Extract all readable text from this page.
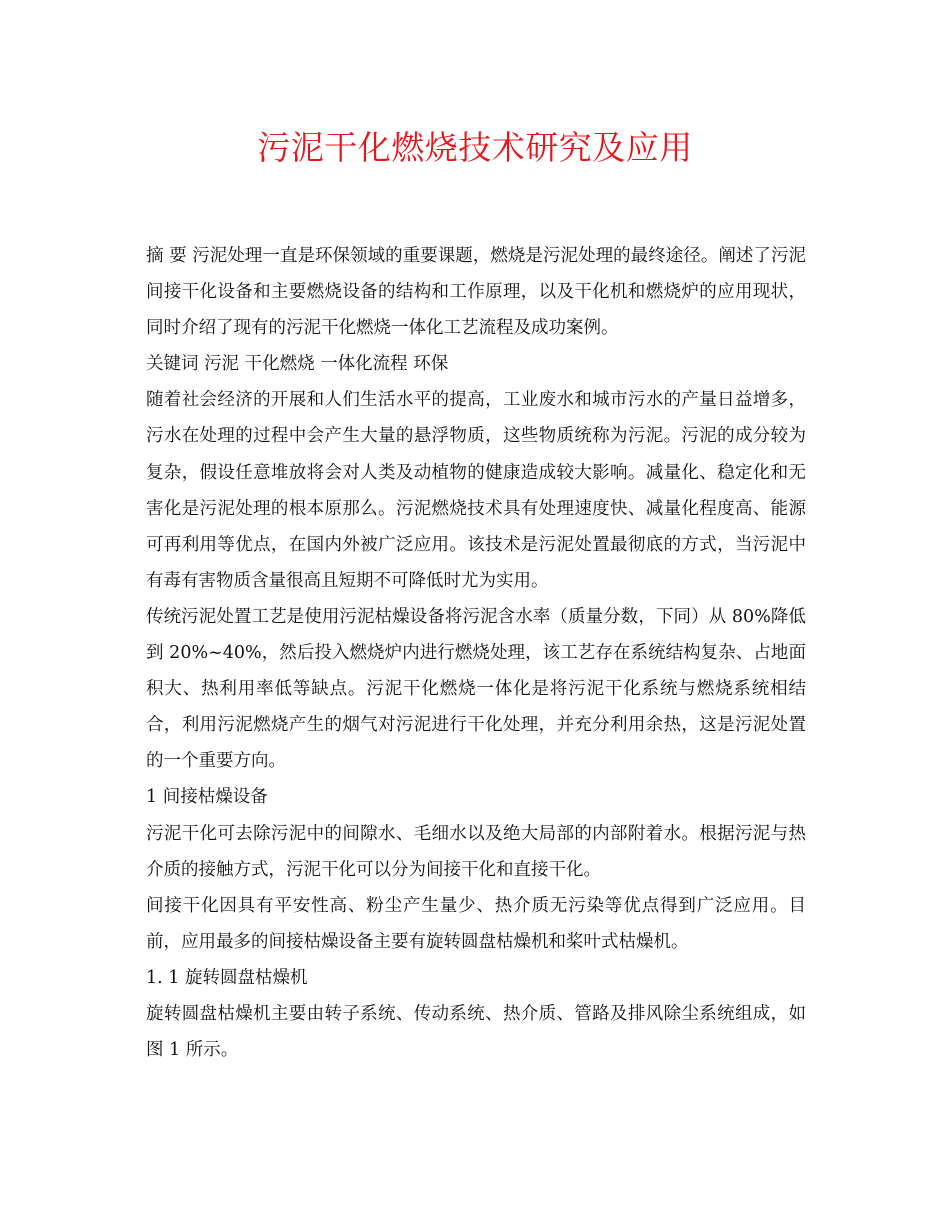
污泥干化燃烧技术研究及应用

摘 要 污泥处理一直是环保领域的重要课题，燃烧是污泥处理的最终途径。阐述了污泥间接干化设备和主要燃烧设备的结构和工作原理，以及干化机和燃烧炉的应用现状，同时介绍了现有的污泥干化燃烧一体化工艺流程及成功案例。

关键词 污泥 干化燃烧 一体化流程 环保

随着社会经济的开展和人们生活水平的提高，工业废水和城市污水的产量日益增多，污水在处理的过程中会产生大量的悬浮物质，这些物质统称为污泥。污泥的成分较为复杂，假设任意堆放将会对人类及动植物的健康造成较大影响。减量化、稳定化和无害化是污泥处理的根本原那么。污泥燃烧技术具有处理速度快、减量化程度高、能源可再利用等优点，在国内外被广泛应用。该技术是污泥处置最彻底的方式，当污泥中有毒有害物质含量很高且短期不可降低时尤为实用。

传统污泥处置工艺是使用污泥枯燥设备将污泥含水率（质量分数，下同）从 80%降低到 20%~40%，然后投入燃烧炉内进行燃烧处理，该工艺存在系统结构复杂、占地面积大、热利用率低等缺点。污泥干化燃烧一体化是将污泥干化系统与燃烧系统相结合，利用污泥燃烧产生的烟气对污泥进行干化处理，并充分利用余热，这是污泥处置的一个重要方向。

1 间接枯燥设备

污泥干化可去除污泥中的间隙水、毛细水以及绝大局部的内部附着水。根据污泥与热介质的接触方式，污泥干化可以分为间接干化和直接干化。

间接干化因具有平安性高、粉尘产生量少、热介质无污染等优点得到广泛应用。目前，应用最多的间接枯燥设备主要有旋转圆盘枯燥机和桨叶式枯燥机。

1. 1 旋转圆盘枯燥机

旋转圆盘枯燥机主要由转子系统、传动系统、热介质、管路及排风除尘系统组成，如图 1 所示。
